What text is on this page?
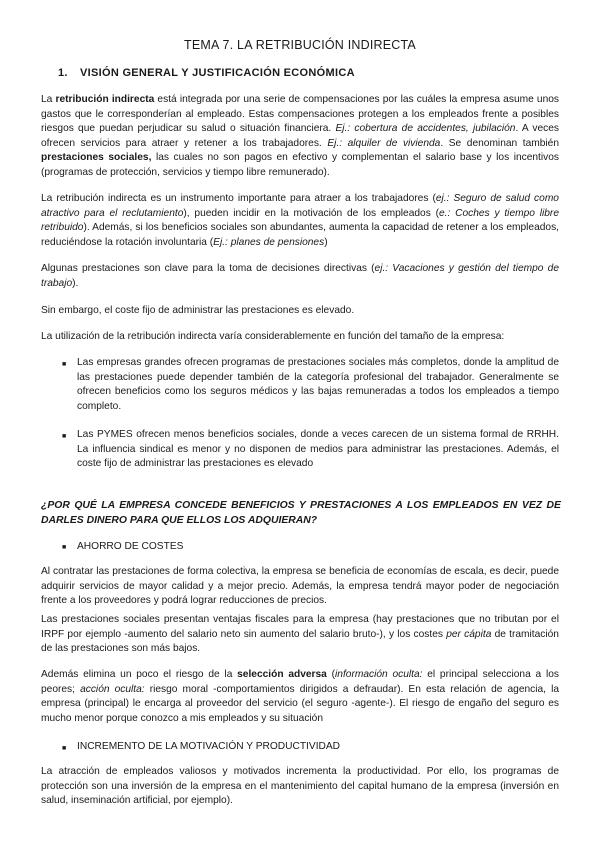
TEMA 7. LA RETRIBUCIÓN INDIRECTA
1. VISIÓN GENERAL Y JUSTIFICACIÓN ECONÓMICA

La retribución indirecta está integrada por una serie de compensaciones por las cuáles la empresa asume unos gastos que le corresponderían al empleado. Estas compensaciones protegen a los empleados frente a posibles riesgos que puedan perjudicar su salud o situación financiera. Ej.: cobertura de accidentes, jubilación. A veces ofrecen servicios para atraer y retener a los trabajadores. Ej.: alquiler de vivienda. Se denominan también prestaciones sociales, las cuales no son pagos en efectivo y complementan el salario base y los incentivos (programas de protección, servicios y tiempo libre remunerado).

La retribución indirecta es un instrumento importante para atraer a los trabajadores (ej.: Seguro de salud como atractivo para el reclutamiento), pueden incidir en la motivación de los empleados (e.: Coches y tiempo libre retribuido). Además, si los beneficios sociales son abundantes, aumenta la capacidad de retener a los empleados, reduciéndose la rotación involuntaria (Ej.: planes de pensiones)

Algunas prestaciones son clave para la toma de decisiones directivas (ej.: Vacaciones y gestión del tiempo de trabajo).

Sin embargo, el coste fijo de administrar las prestaciones es elevado.

La utilización de la retribución indirecta varía considerablemente en función del tamaño de la empresa:

■ Las empresas grandes ofrecen programas de prestaciones sociales más completos, donde la amplitud de las prestaciones puede depender también de la categoría profesional del trabajador. Generalmente se ofrecen beneficios como los seguros médicos y las bajas remuneradas a todos los empleados a tiempo completo.

■ Las PYMES ofrecen menos beneficios sociales, donde a veces carecen de un sistema formal de RRHH. La influencia sindical es menor y no disponen de medios para administrar las prestaciones. Además, el coste fijo de administrar las prestaciones es elevado

¿POR QUÉ LA EMPRESA CONCEDE BENEFICIOS Y PRESTACIONES A LOS EMPLEADOS EN VEZ DE DARLES DINERO PARA QUE ELLOS LOS ADQUIERAN?
■ AHORRO DE COSTES

Al contratar las prestaciones de forma colectiva, la empresa se beneficia de economías de escala, es decir, puede adquirir servicios de mayor calidad y a mejor precio. Además, la empresa tendrá mayor poder de negociación frente a los proveedores y podrá lograr reducciones de precios.

Las prestaciones sociales presentan ventajas fiscales para la empresa (hay prestaciones que no tributan por el IRPF por ejemplo -aumento del salario neto sin aumento del salario bruto-), y los costes per cápita de tramitación de las prestaciones son más bajos.

Además elimina un poco el riesgo de la selección adversa (información oculta: el principal selecciona a los peores; acción oculta: riesgo moral -comportamientos dirigidos a defraudar). En esta relación de agencia, la empresa (principal) le encarga al proveedor del servicio (el seguro -agente-). El riesgo de engaño del seguro es mucho menor porque conozco a mis empleados y su situación

■ INCREMENTO DE LA MOTIVACIÓN Y PRODUCTIVIDAD

La atracción de empleados valiosos y motivados incrementa la productividad. Por ello, los programas de protección son una inversión de la empresa en el mantenimiento del capital humano de la empresa (inversión en salud, inseminación artificial, por ejemplo).
